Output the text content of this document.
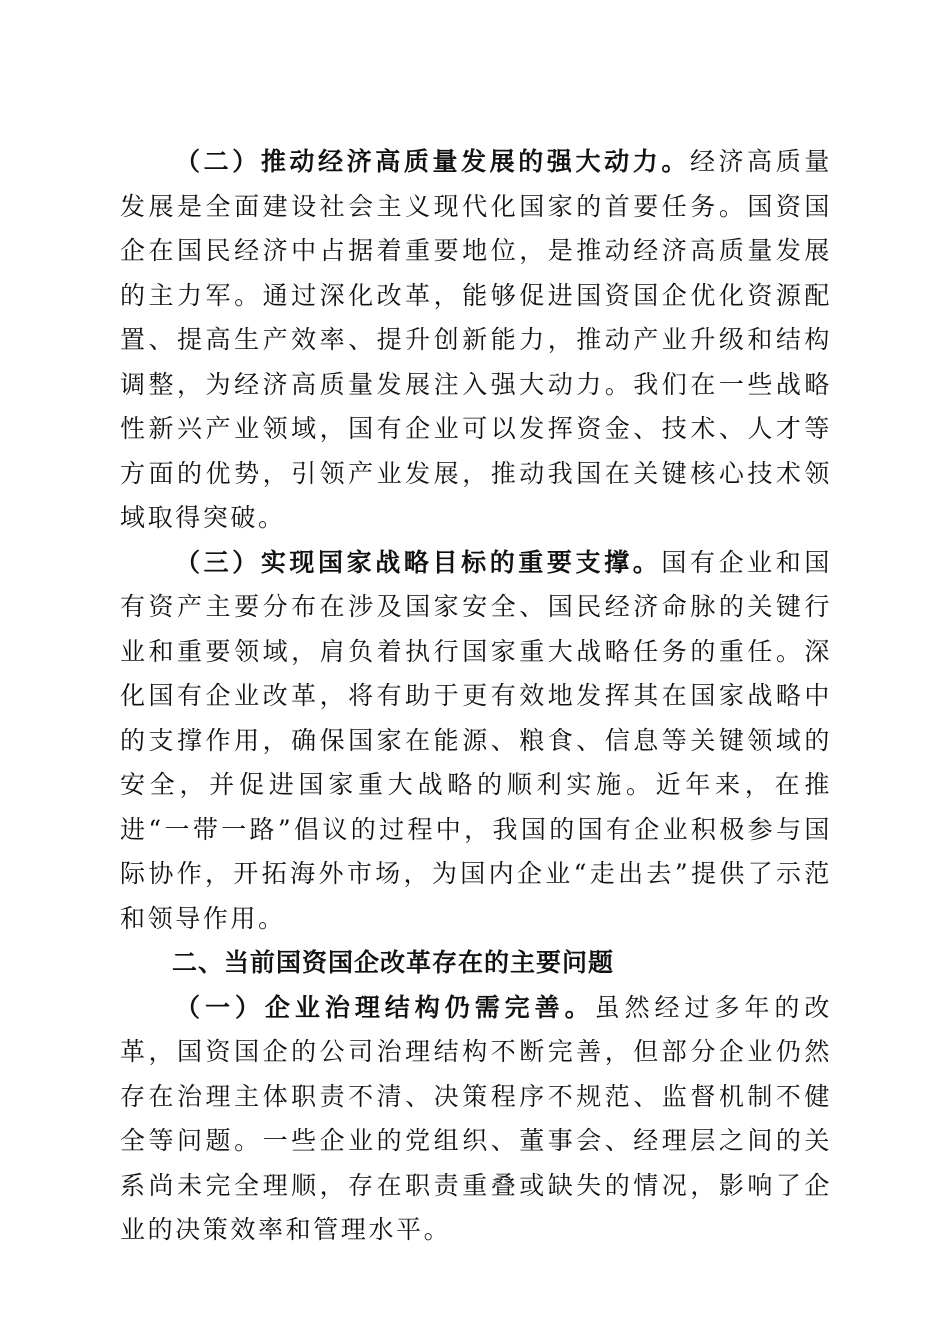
（二）推动经济高质量发展的强大动力。经济高质量发展是全面建设社会主义现代化国家的首要任务。国资国企在国民经济中占据着重要地位，是推动经济高质量发展的主力军。通过深化改革，能够促进国资国企优化资源配置、提高生产效率、提升创新能力，推动产业升级和结构调整，为经济高质量发展注入强大动力。我们在一些战略性新兴产业领域，国有企业可以发挥资金、技术、人才等方面的优势，引领产业发展，推动我国在关键核心技术领域取得突破。

（三）实现国家战略目标的重要支撑。国有企业和国有资产主要分布在涉及国家安全、国民经济命脉的关键行业和重要领域，肩负着执行国家重大战略任务的重任。深化国有企业改革，将有助于更有效地发挥其在国家战略中的支撑作用，确保国家在能源、粮食、信息等关键领域的安全，并促进国家重大战略的顺利实施。近年来，在推进“一带一路”倡议的过程中，我国的国有企业积极参与国际协作，开拓海外市场，为国内企业“走出去”提供了示范和领导作用。

二、当前国资国企改革存在的主要问题

（一）企业治理结构仍需完善。虽然经过多年的改革，国资国企的公司治理结构不断完善，但部分企业仍然存在治理主体职责不清、决策程序不规范、监督机制不健全等问题。一些企业的党组织、董事会、经理层之间的关系尚未完全理顺，存在职责重叠或缺失的情况，影响了企业的决策效率和管理水平。
